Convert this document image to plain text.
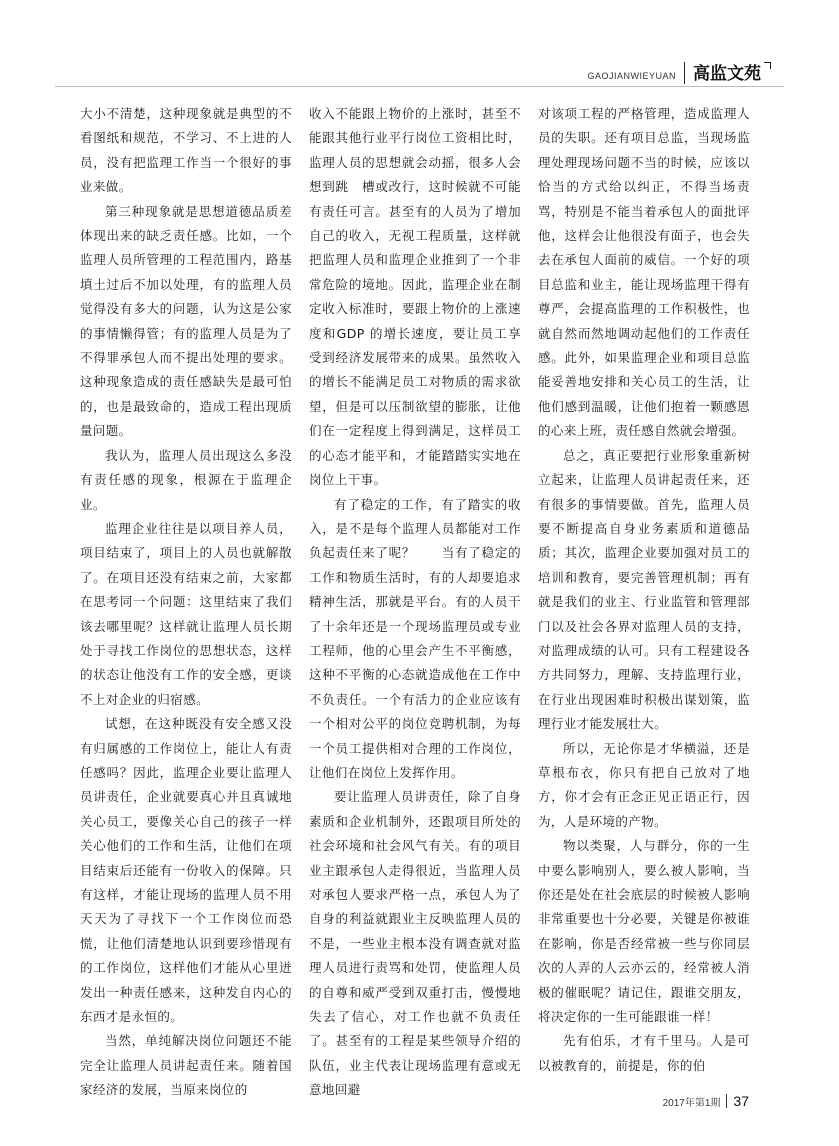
GAOJIANWIEYUAN 高监文苑

大小不清楚，这种现象就是典型的不看图纸和规范，不学习、不上进的人员，没有把监理工作当一个很好的事业来做。

第三种现象就是思想道德品质差体现出来的缺乏责任感。比如，一个监理人员所管理的工程范围内，路基填土过后不加以处理，有的监理人员觉得没有多大的问题，认为这是公家的事情懒得管；有的监理人员是为了不得罪承包人而不提出处理的要求。这种现象造成的责任感缺失是最可怕的，也是最致命的，造成工程出现质量问题。

我认为，监理人员出现这么多没有责任感的现象，根源在于监理企业。

监理企业往往是以项目养人员，项目结束了，项目上的人员也就解散了。在项目还没有结束之前，大家都在思考同一个问题：这里结束了我们该去哪里呢？这样就让监理人员长期处于寻找工作岗位的思想状态，这样的状态让他没有工作的安全感，更谈不上对企业的归宿感。

试想，在这种既没有安全感又没有归属感的工作岗位上，能让人有责任感吗？因此，监理企业要让监理人员讲责任，企业就要真心并且真诚地关心员工，要像关心自己的孩子一样关心他们的工作和生活，让他们在项目结束后还能有一份收入的保障。只有这样，才能让现场的监理人员不用天天为了寻找下一个工作岗位而恐慌，让他们清楚地认识到要珍惜现有的工作岗位，这样他们才能从心里迸发出一种责任感来，这种发自内心的东西才是永恒的。

当然，单纯解决岗位问题还不能完全让监理人员讲起责任来。随着国家经济的发展，当原来岗位的

收入不能跟上物价的上涨时，甚至不能跟其他行业平行岗位工资相比时，监理人员的思想就会动摇，很多人会想到跳　槽或改行，这时候就不可能有责任可言。甚至有的人员为了增加自己的收入，无视工程质量，这样就把监理人员和监理企业推到了一个非常危险的境地。因此，监理企业在制定收入标准时，要跟上物价的上涨速度和GDP 的增长速度，要让员工享受到经济发展带来的成果。虽然收入的增长不能满足员工对物质的需求欲望，但是可以压制欲望的膨胀，让他们在一定程度上得到满足，这样员工的心态才能平和，才能踏踏实实地在岗位上干事。

有了稳定的工作，有了踏实的收入，是不是每个监理人员都能对工作负起责任来了呢？　　当有了稳定的工作和物质生活时，有的人却要追求精神生活，那就是平台。有的人员干了十余年还是一个现场监理员或专业工程师，他的心里会产生不平衡感，这种不平衡的心态就造成他在工作中不负责任。一个有活力的企业应该有一个相对公平的岗位竞聘机制，为每一个员工提供相对合理的工作岗位，让他们在岗位上发挥作用。

要让监理人员讲责任，除了自身素质和企业机制外，还跟项目所处的社会环境和社会风气有关。有的项目业主跟承包人走得很近，当监理人员对承包人要求严格一点，承包人为了自身的利益就跟业主反映监理人员的不是，一些业主根本没有调查就对监理人员进行责骂和处罚，使监理人员的自尊和威严受到双重打击，慢慢地失去了信心，对工作也就不负责任了。甚至有的工程是某些领导介绍的队伍，业主代表让现场监理有意或无意地回避

对该项工程的严格管理，造成监理人员的失职。还有项目总监，当现场监理处理现场问题不当的时候，应该以恰当的方式给以纠正，不得当场责骂，特别是不能当着承包人的面批评他，这样会让他很没有面子，也会失去在承包人面前的威信。一个好的项目总监和业主，能让现场监理干得有尊严，会提高监理的工作积极性，也就自然而然地调动起他们的工作责任感。此外，如果监理企业和项目总监能妥善地安排和关心员工的生活，让他们感到温暖，让他们抱着一颗感恩的心来上班，责任感自然就会增强。

总之，真正要把行业形象重新树立起来，让监理人员讲起责任来，还有很多的事情要做。首先，监理人员要不断提高自身业务素质和道德品质；其次，监理企业要加强对员工的培训和教育，要完善管理机制；再有就是我们的业主、行业监管和管理部门以及社会各界对监理人员的支持，对监理成绩的认可。只有工程建设各方共同努力，理解、支持监理行业，在行业出现困难时积极出谋划策，监理行业才能发展壮大。

所以，无论你是才华横溢，还是草根布衣，你只有把自己放对了地方，你才会有正念正见正语正行，因为，人是环境的产物。

物以类聚，人与群分，你的一生中要么影响别人，要么被人影响，当你还是处在社会底层的时候被人影响非常重要也十分必要，关键是你被谁在影响，你是否经常被一些与你同层次的人弄的人云亦云的，经常被人消极的催眠呢？请记住，跟谁交朋友，将决定你的一生可能跟谁一样！

先有伯乐，才有千里马。人是可以被教育的，前提是，你的伯

2017年第1期 37
